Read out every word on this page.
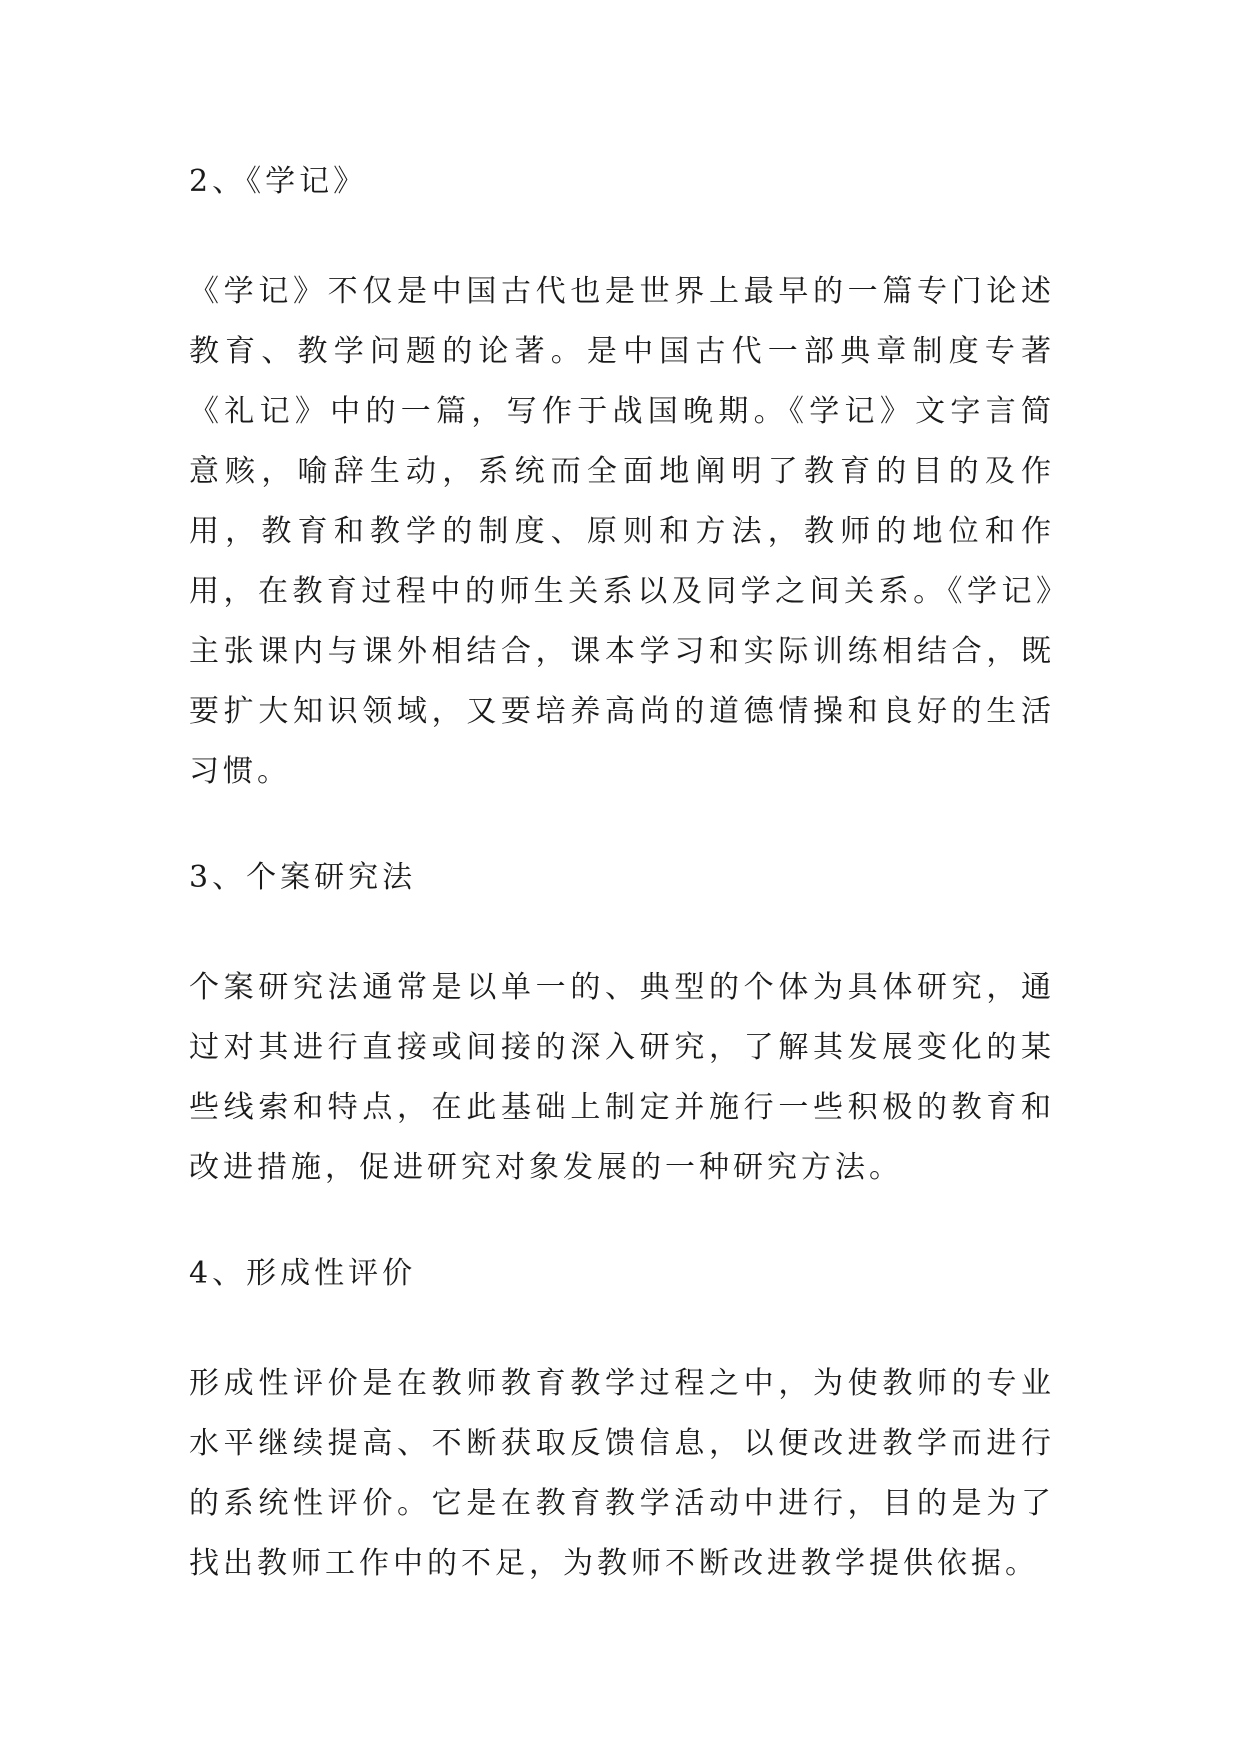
2、《学记》

《学记》不仅是中国古代也是世界上最早的一篇专门论述教育、教学问题的论著。是中国古代一部典章制度专著《礼记》中的一篇，写作于战国晚期。《学记》文字言简意赅，喻辞生动，系统而全面地阐明了教育的目的及作用，教育和教学的制度、原则和方法，教师的地位和作用，在教育过程中的师生关系以及同学之间关系。《学记》主张课内与课外相结合，课本学习和实际训练相结合，既要扩大知识领域，又要培养高尚的道德情操和良好的生活习惯。

3、个案研究法

个案研究法通常是以单一的、典型的个体为具体研究，通过对其进行直接或间接的深入研究，了解其发展变化的某些线索和特点，在此基础上制定并施行一些积极的教育和改进措施，促进研究对象发展的一种研究方法。

4、形成性评价

形成性评价是在教师教育教学过程之中，为使教师的专业水平继续提高、不断获取反馈信息，以便改进教学而进行的系统性评价。它是在教育教学活动中进行，目的是为了找出教师工作中的不足，为教师不断改进教学提供依据。
